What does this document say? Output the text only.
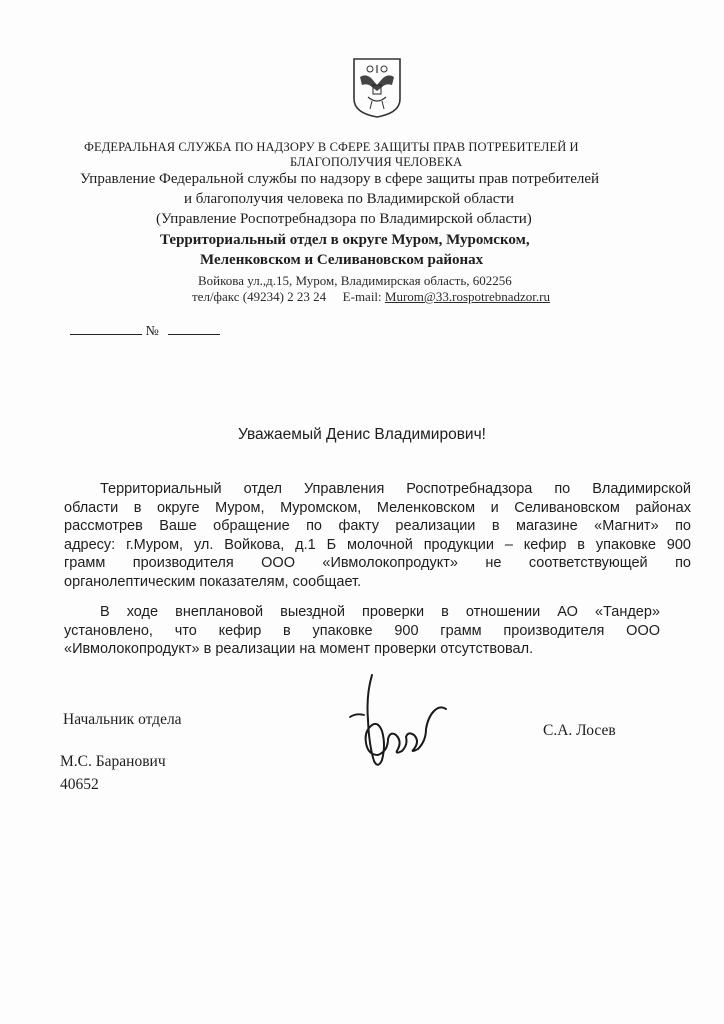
ФЕДЕРАЛЬНАЯ СЛУЖБА ПО НАДЗОРУ В СФЕРЕ ЗАЩИТЫ ПРАВ ПОТРЕБИТЕЛЕЙ И
БЛАГОПОЛУЧИЯ ЧЕЛОВЕКА
Управление Федеральной службы по надзору в сфере защиты прав потребителей
и благополучия человека по Владимирской области
(Управление Роспотребнадзора по Владимирской области)
Территориальный отдел в округе Муром, Муромском,
Меленковском и Селивановском районах
Войкова ул.,д.15, Муром, Владимирская область, 602256
тел/факс (49234) 2 23 24 E-mail: Murom@33.rospotrebnadzor.ru
№
Уважаемый Денис Владимирович!
Территориальный отдел Управления Роспотребнадзора по Владимирской
области в округе Муром, Муромском, Меленковском и Селивановском районах
рассмотрев Ваше обращение по факту реализации в магазине «Магнит» по
адресу: г.Муром, ул. Войкова, д.1 Б молочной продукции – кефир в упаковке 900
грамм производителя ООО «Ивмолокопродукт» не соответствующей по
органолептическим показателям, сообщает.
В ходе внеплановой выездной проверки в отношении АО «Тандер»
установлено, что кефир в упаковке 900 грамм производителя ООО
«Ивмолокопродукт» в реализации на момент проверки отсутствовал.
Начальник отдела
С.А. Лосев
М.С. Баранович
40652
